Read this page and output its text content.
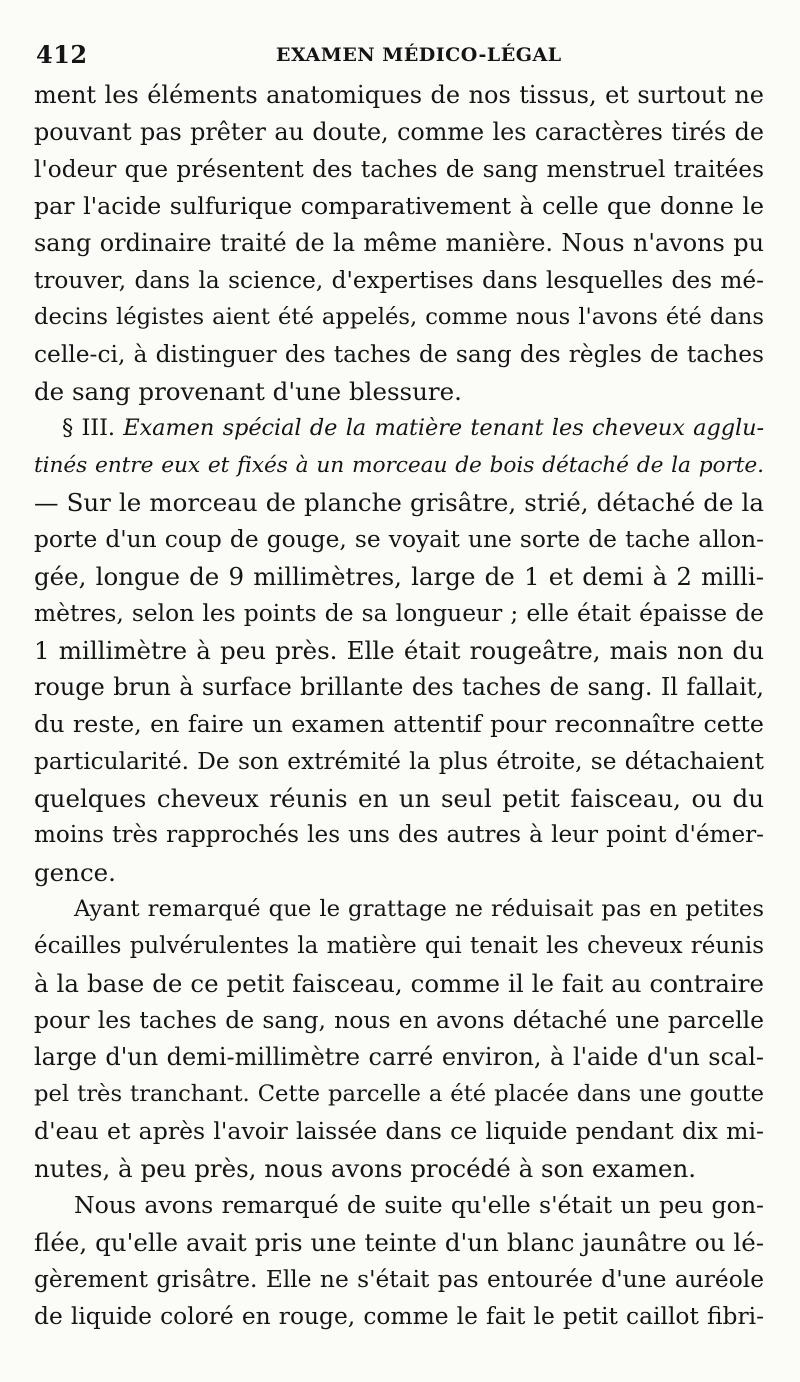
412	EXAMEN MÉDICO-LÉGAL
ment les éléments anatomiques de nos tissus, et surtout ne
pouvant pas prêter au doute, comme les caractères tirés de
l'odeur que présentent des taches de sang menstruel traitées
par l'acide sulfurique comparativement à celle que donne le
sang ordinaire traité de la même manière. Nous n'avons pu
trouver, dans la science, d'expertises dans lesquelles des mé-
decins légistes aient été appelés, comme nous l'avons été dans
celle-ci, à distinguer des taches de sang des règles de taches
de sang provenant d'une blessure.
§ III. Examen spécial de la matière tenant les cheveux agglu-
tinés entre eux et fixés à un morceau de bois détaché de la porte.
— Sur le morceau de planche grisâtre, strié, détaché de la
porte d'un coup de gouge, se voyait une sorte de tache allon-
gée, longue de 9 millimètres, large de 1 et demi à 2 milli-
mètres, selon les points de sa longueur ; elle était épaisse de
1 millimètre à peu près. Elle était rougeâtre, mais non du
rouge brun à surface brillante des taches de sang. Il fallait,
du reste, en faire un examen attentif pour reconnaître cette
particularité. De son extrémité la plus étroite, se détachaient
quelques cheveux réunis en un seul petit faisceau, ou du
moins très rapprochés les uns des autres à leur point d'émer-
gence.
Ayant remarqué que le grattage ne réduisait pas en petites
écailles pulvérulentes la matière qui tenait les cheveux réunis
à la base de ce petit faisceau, comme il le fait au contraire
pour les taches de sang, nous en avons détaché une parcelle
large d'un demi-millimètre carré environ, à l'aide d'un scal-
pel très tranchant. Cette parcelle a été placée dans une goutte
d'eau et après l'avoir laissée dans ce liquide pendant dix mi-
nutes, à peu près, nous avons procédé à son examen.
Nous avons remarqué de suite qu'elle s'était un peu gon-
flée, qu'elle avait pris une teinte d'un blanc jaunâtre ou lé-
gèrement grisâtre. Elle ne s'était pas entourée d'une auréole
de liquide coloré en rouge, comme le fait le petit caillot fibri-
